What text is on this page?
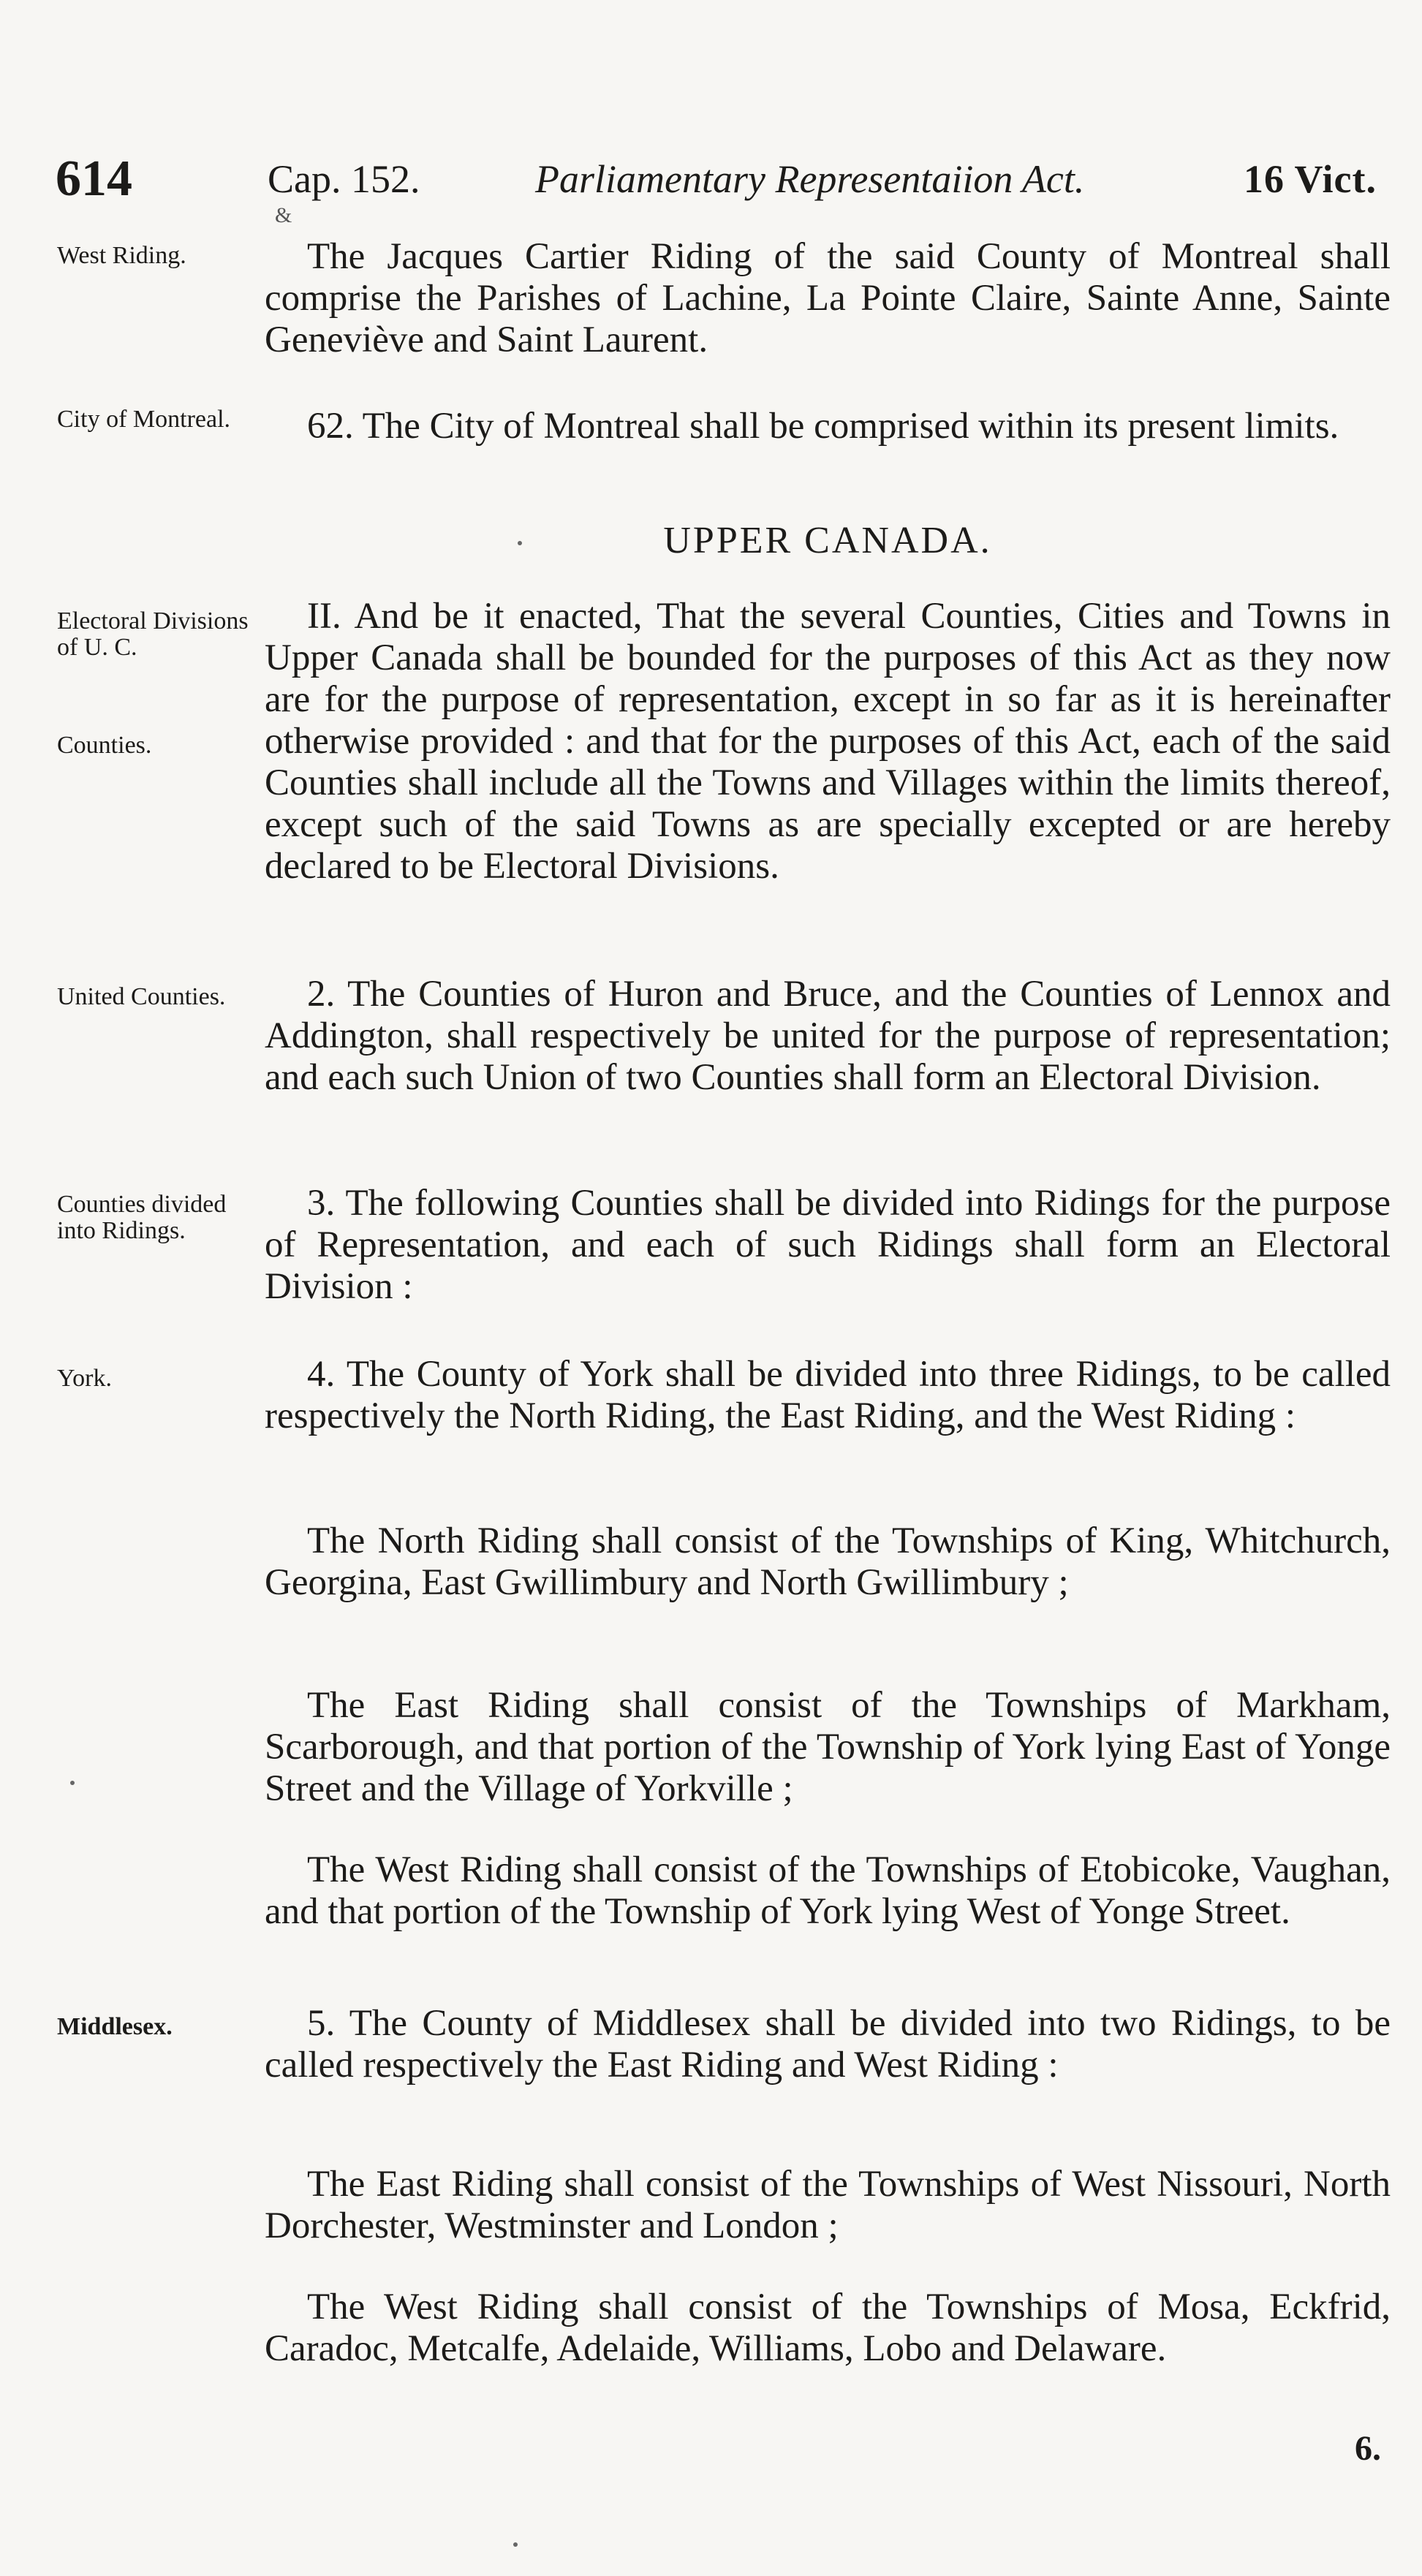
614	Cap. 152.	Parliamentary Representaiion Act.	16 Vict.
&
West Riding.	The Jacques Cartier Riding of the said County of Montreal shall comprise the Parishes of Lachine, La Pointe Claire, Sainte Anne, Sainte Geneviève and Saint Laurent.
City of Montreal.	62. The City of Montreal shall be comprised within its present limits.
UPPER CANADA.
Electoral Divisions of U. C.
Counties.
II. And be it enacted, That the several Counties, Cities and Towns in Upper Canada shall be bounded for the purposes of this Act as they now are for the purpose of representation, except in so far as it is hereinafter otherwise provided : and that for the purposes of this Act, each of the said Counties shall include all the Towns and Villages within the limits thereof, except such of the said Towns as are specially excepted or are hereby declared to be Electoral Divisions.
United Counties.	2. The Counties of Huron and Bruce, and the Counties of Lennox and Addington, shall respectively be united for the purpose of representation; and each such Union of two Counties shall form an Electoral Division.
Counties divided into Ridings.
3. The following Counties shall be divided into Ridings for the purpose of Representation, and each of such Ridings shall form an Electoral Division :
York.	4. The County of York shall be divided into three Ridings, to be called respectively the North Riding, the East Riding, and the West Riding :
The North Riding shall consist of the Townships of King, Whitchurch, Georgina, East Gwillimbury and North Gwillimbury ;
The East Riding shall consist of the Townships of Markham, Scarborough, and that portion of the Township of York lying East of Yonge Street and the Village of Yorkville ;
The West Riding shall consist of the Townships of Etobicoke, Vaughan, and that portion of the Township of York lying West of Yonge Street.
Middlesex.	5. The County of Middlesex shall be divided into two Ridings, to be called respectively the East Riding and West Riding :
The East Riding shall consist of the Townships of West Nissouri, North Dorchester, Westminster and London ;
The West Riding shall consist of the Townships of Mosa, Eckfrid, Caradoc, Metcalfe, Adelaide, Williams, Lobo and Delaware.
6.
